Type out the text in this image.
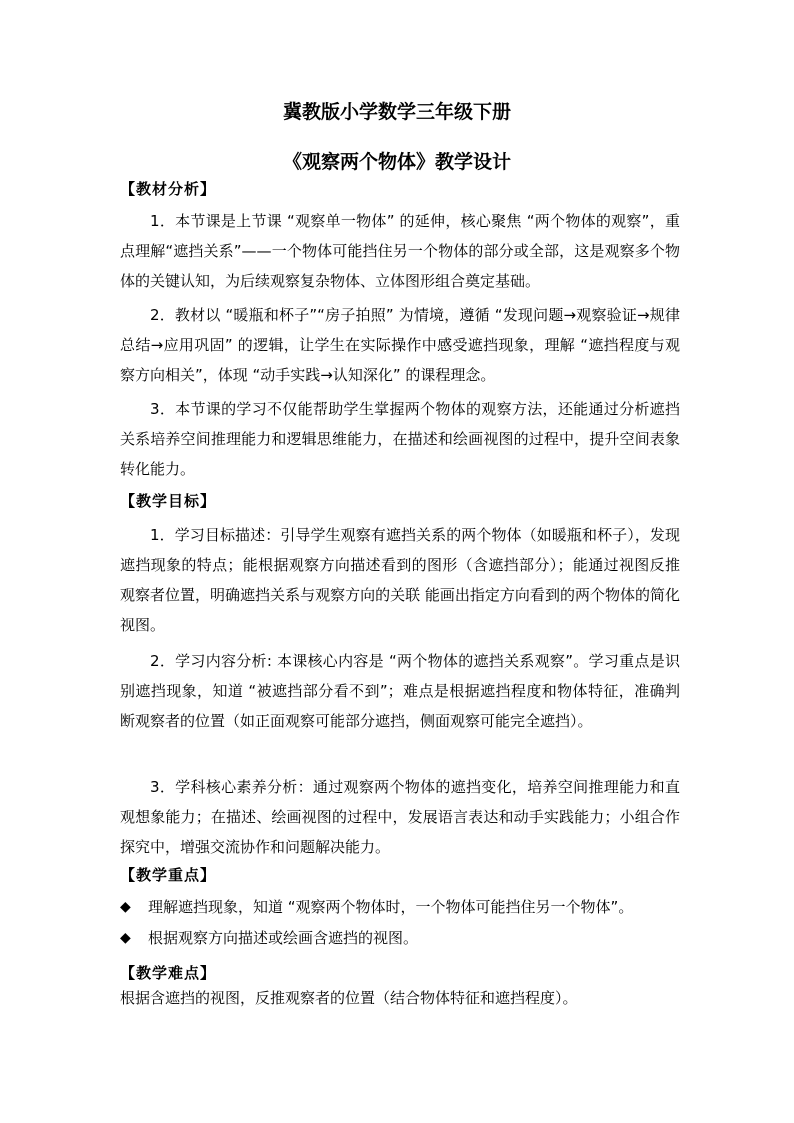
冀教版小学数学三年级下册
《观察两个物体》教学设计
【教材分析】

1．本节课是上节课 “观察单一物体” 的延伸，核心聚焦 “两个物体的观察”，重点理解“遮挡关系”——一个物体可能挡住另一个物体的部分或全部，这是观察多个物体的关键认知，为后续观察复杂物体、立体图形组合奠定基础。

2．教材以 “暖瓶和杯子”“房子拍照” 为情境，遵循 “发现问题→观察验证→规律总结→应用巩固” 的逻辑，让学生在实际操作中感受遮挡现象，理解 “遮挡程度与观察方向相关”，体现 “动手实践→认知深化” 的课程理念。

3．本节课的学习不仅能帮助学生掌握两个物体的观察方法，还能通过分析遮挡关系培养空间推理能力和逻辑思维能力，在描述和绘画视图的过程中，提升空间表象转化能力。

【教学目标】

1．学习目标描述：引导学生观察有遮挡关系的两个物体（如暖瓶和杯子），发现遮挡现象的特点；能根据观察方向描述看到的图形（含遮挡部分）；能通过视图反推观察者位置，明确遮挡关系与观察方向的关联 能画出指定方向看到的两个物体的简化视图。

2．学习内容分析: 本课核心内容是 “两个物体的遮挡关系观察”。学习重点是识别遮挡现象，知道 “被遮挡部分看不到”；难点是根据遮挡程度和物体特征，准确判断观察者的位置（如正面观察可能部分遮挡，侧面观察可能完全遮挡）。

3．学科核心素养分析：通过观察两个物体的遮挡变化，培养空间推理能力和直观想象能力；在描述、绘画视图的过程中，发展语言表达和动手实践能力；小组合作探究中，增强交流协作和问题解决能力。

【教学重点】
◆	理解遮挡现象，知道 “观察两个物体时，一个物体可能挡住另一个物体”。
◆	根据观察方向描述或绘画含遮挡的视图。
【教学难点】

根据含遮挡的视图，反推观察者的位置（结合物体特征和遮挡程度）。
